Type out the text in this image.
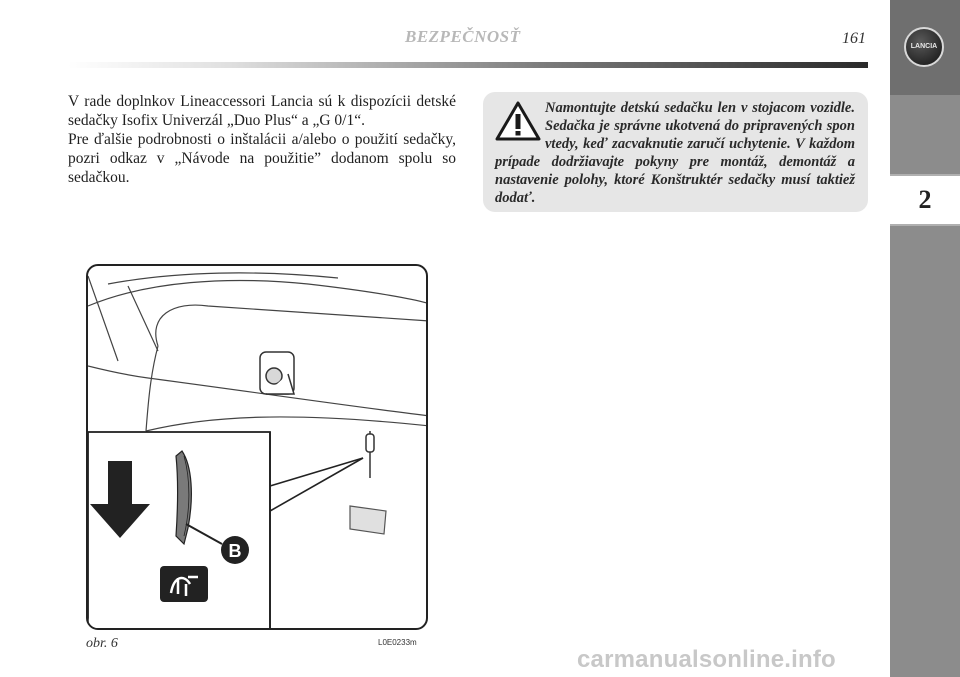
BEZPEČNOSŤ	161	LANCIA
2

V rade doplnkov Lineaccessori Lancia sú k dispozícii detské sedačky Isofix Univerzál „Duo Plus“ a „G 0/1“.

Pre ďalšie podrobnosti o inštalácii a/alebo o použití sedačky, pozri odkaz v „Návode na použitie” dodanom spolu so sedačkou.

Namontujte detskú sedačku len v stojacom vozidle. Sedačka je správne ukotvená do pripravených spon vtedy, keď zacvaknutie zaručí uchytenie. V každom prípade dodržiavajte pokyny pre montáž, demontáž a nastavenie polohy, ktoré Konštruktér sedačky musí taktiež dodať.
B
obr. 6	L0E0233m
carmanualsonline.info
